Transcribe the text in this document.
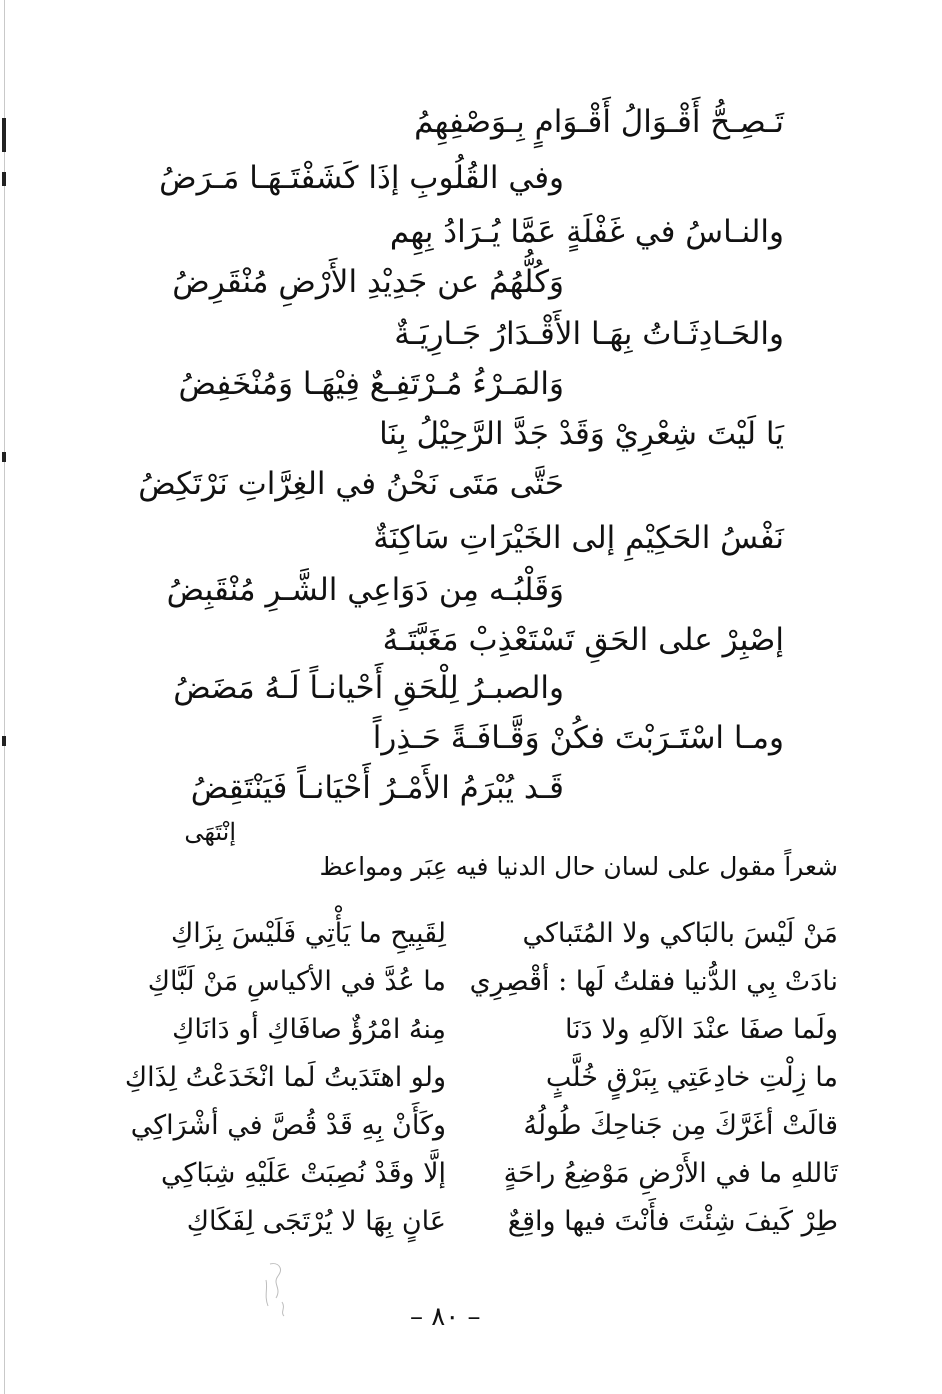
تَـصِـحُّ أَقْـوَالُ أَقْـوَامٍ بِـوَصْفِهِمُ
وفي القُلُوبِ إذَا كَشَفْتَـهَـا مَـرَضُ
والنـاسُ في غَفْلَةٍ عَمَّا يُـرَادُ بِهِم
وَكُلُّهُمُ عن جَدِيْدِ الأَرْضِ مُنْقَرِضُ
والحَـادِثَـاتُ بِهَـا الأَقْـدَارُ جَـارِيَـةٌ
وَالمَـرْءُ مُـرْتَفِـعٌ فِيْهَـا وَمُنْخَفِضُ
يَا لَيْتَ شِعْرِيْ وَقَدْ جَدَّ الرَّحِيْلُ بِنَا
حَتَّى مَتَى نَحْنُ في الغِرَّاتِ نَرْتَكِضُ
نَفْسُ الحَكِيْمِ إلى الخَيْرَاتِ سَاكِنَةٌ
وَقَلْبُـه مِن دَوَاعِي الشَّـرِ مُنْقَبِضُ
إصْبِرْ على الحَقِ تَسْتَعْذِبْ مَغَبَّتَـهُ
والصبـرُ لِلْحَقِ أَحْيانـاً لَـهُ مَضَضُ
ومـا اسْتَـرَبْتَ فكُنْ وَقَّـافَـةً حَـذِراً
قَـد يُبْرَمُ الأَمْـرُ أَحْيَانـاً فَيَنْتَقِضُ
إنْتَهَى
شعراً مقول على لسان حال الدنيا فيه عِبَر ومواعظ
مَنْ لَيْسَ بالبَاكي ولا المُتَباكي
لِقَبِيحِ ما يَأْتِي فَلَيْسَ بِزَاكِ
نادَتْ بِي الدُّنيا فقلتُ لَها : أقْصِرِي
ما عُدَّ في الأكياسِ مَنْ لَبَّاكِ
ولَما صفَا عنْدَ الآلهِ ولا دَنَا
مِنهُ امْرُؤٌ صافَاكِ أو دَانَاكِ
ما زِلْتِ خادِعَتِي بِبَرْقٍ خُلَّبٍ
ولو اهتَدَيتُ لَما انْخَدَعْتُ لِذَاكِ
قالَتْ أغَرَّكَ مِن جَناحِكَ طُولُهُ
وكَأَنْ بِهِ قَدْ قُصَّ في أشْرَاكِي
تَاللهِ ما في الأَرْضِ مَوْضِعُ راحَةٍ
إلَّا وقَدْ نُصِبَتْ عَلَيْهِ شِبَاكِي
طِرْ كَيفَ شِئْتَ فأَنْتَ فيها واقِعٌ
عَانٍ بِهَا لا يُرْتَجَى لِفَكَاكِ
– ٨٠ –
